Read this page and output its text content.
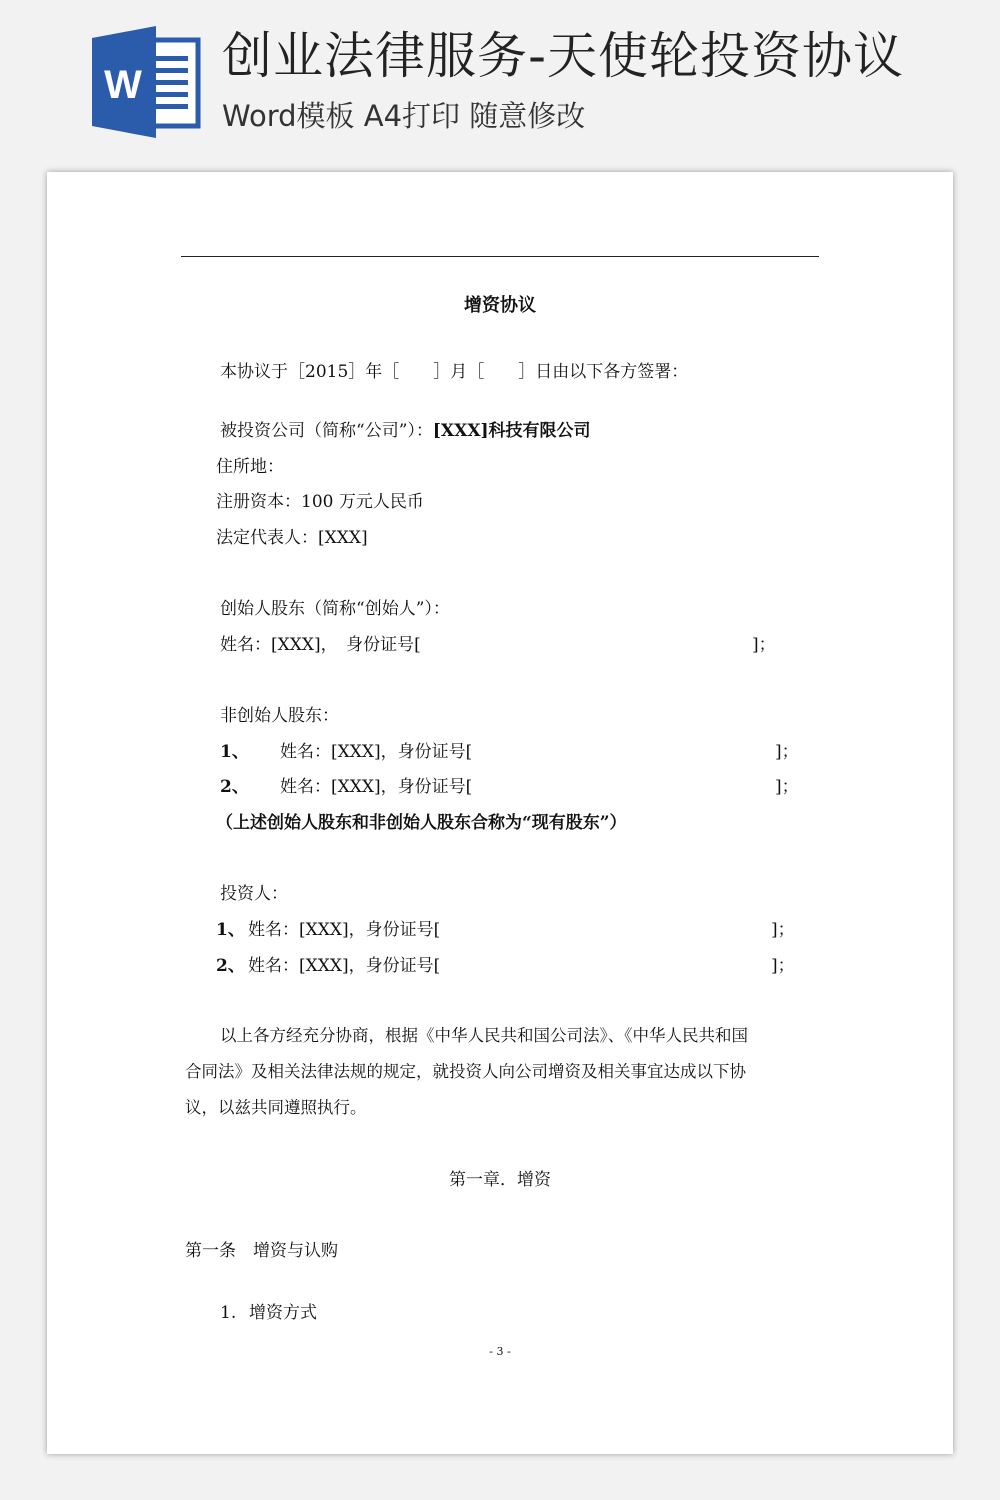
W 创业法律服务-天使轮投资协议
Word模板 A4打印 随意修改
增资协议
本协议于［2015］年［　　］月［　　］日由以下各方签署：
被投资公司（简称“公司”）：[XXX]科技有限公司
住所地：
注册资本：100 万元人民币
法定代表人：[XXX]
创始人股东（简称“创始人”）：
姓名：[XXX]，　身份证号[	]；
非创始人股东：
1、 姓名：[XXX]，身份证号[	]；
2、 姓名：[XXX]，身份证号[	]；
（上述创始人股东和非创始人股东合称为“现有股东”）
投资人：
1、 姓名：[XXX]，身份证号[	]；
2、 姓名：[XXX]，身份证号[	]；
以上各方经充分协商，根据《中华人民共和国公司法》、《中华人民共和国
合同法》及相关法律法规的规定，就投资人向公司增资及相关事宜达成以下协
议，以兹共同遵照执行。
第一章．增资
第一条　增资与认购
1. 增资方式
- 3 -
